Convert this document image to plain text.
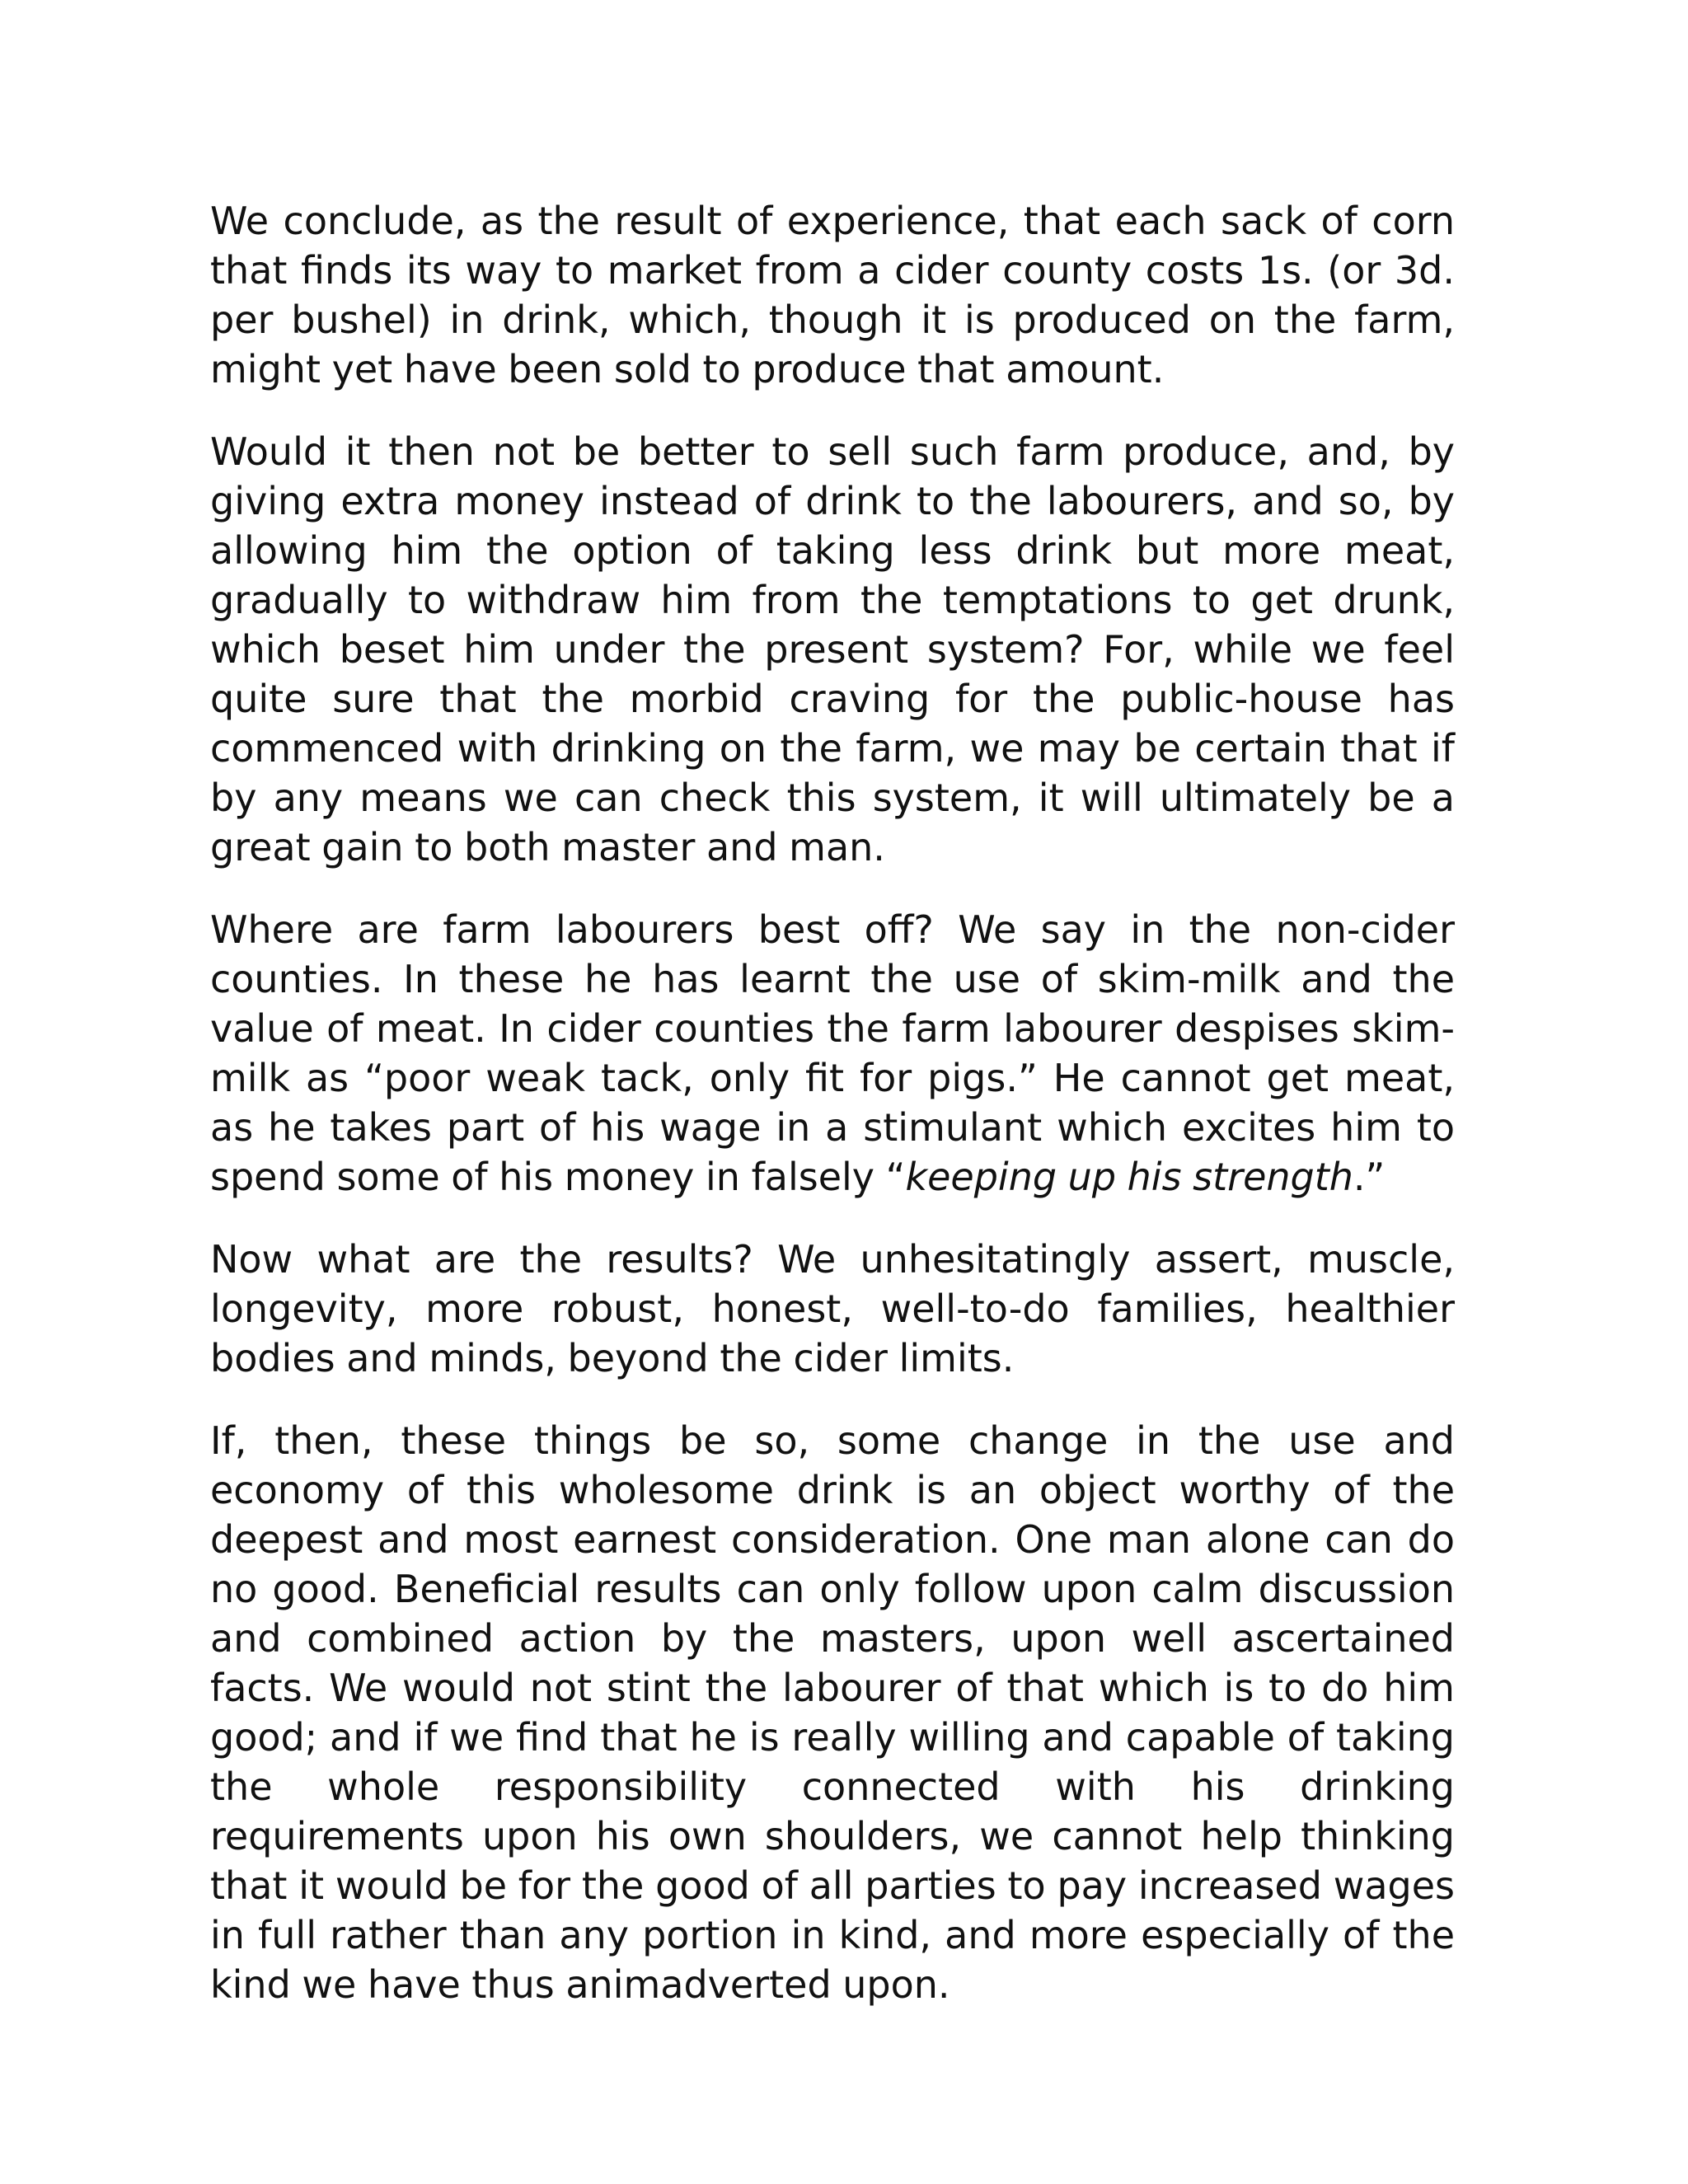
We conclude, as the result of experience, that each sack of corn that finds its way to market from a cider county costs 1s. (or 3d. per bushel) in drink, which, though it is produced on the farm, might yet have been sold to produce that amount.

Would it then not be better to sell such farm produce, and, by giving extra money instead of drink to the labourers, and so, by allowing him the option of taking less drink but more meat, gradually to withdraw him from the temptations to get drunk, which beset him under the present system? For, while we feel quite sure that the morbid craving for the public-house has commenced with drinking on the farm, we may be certain that if by any means we can check this system, it will ultimately be a great gain to both master and man.

Where are farm labourers best off? We say in the non-cider counties. In these he has learnt the use of skim-milk and the value of meat. In cider counties the farm labourer despises skim-milk as “poor weak tack, only fit for pigs.” He cannot get meat, as he takes part of his wage in a stimulant which excites him to spend some of his money in falsely “keeping up his strength.”

Now what are the results? We unhesitatingly assert, muscle, longevity, more robust, honest, well-to-do families, healthier bodies and minds, beyond the cider limits.

If, then, these things be so, some change in the use and economy of this wholesome drink is an object worthy of the deepest and most earnest consideration. One man alone can do no good. Beneficial results can only follow upon calm discussion and combined action by the masters, upon well ascertained facts. We would not stint the labourer of that which is to do him good; and if we find that he is really willing and capable of taking the whole responsibility connected with his drinking requirements upon his own shoulders, we cannot help thinking that it would be for the good of all parties to pay increased wages in full rather than any portion in kind, and more especially of the kind we have thus animadverted upon.
